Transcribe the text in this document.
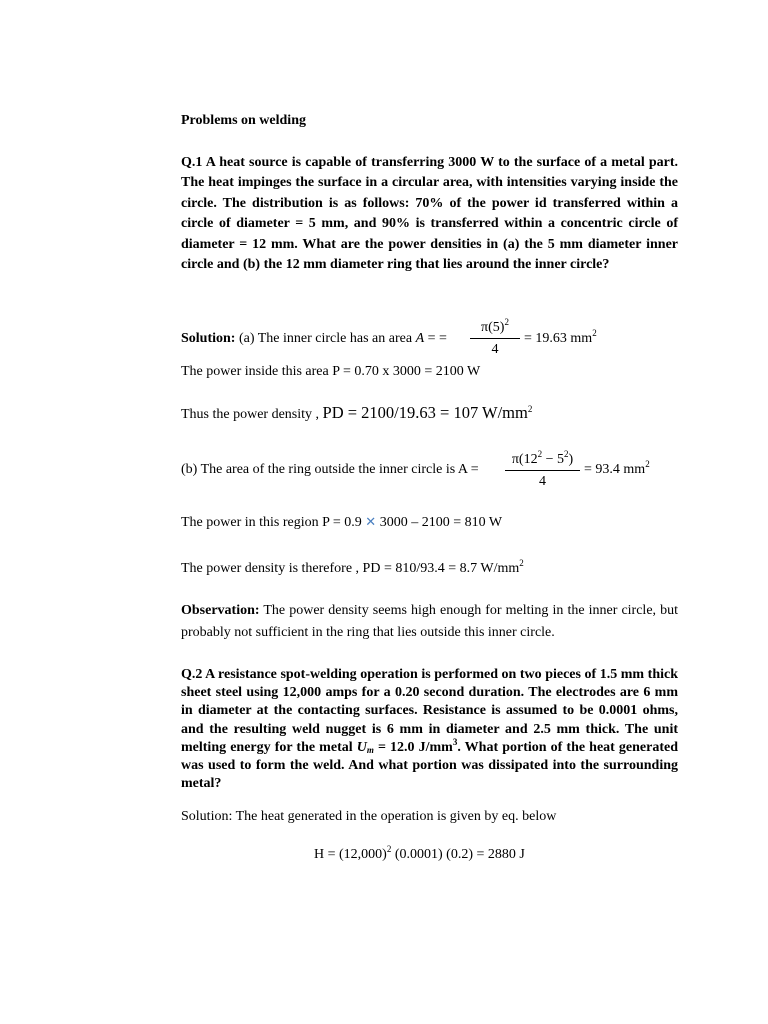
Problems on welding
Q.1 A heat source is capable of transferring 3000 W to the surface of a metal part. The heat impinges the surface in a circular area, with intensities varying inside the circle. The distribution is as follows: 70% of the power id transferred within a circle of diameter = 5 mm, and 90% is transferred within a concentric circle of diameter = 12 mm. What are the power densities in (a) the 5 mm diameter inner circle and (b) the 12 mm diameter ring that lies around the inner circle?
Solution: (a) The inner circle has an area A = = $\frac{\pi(5)^2}{4} = 19.63$ $mm^2$
The power inside this area P = 0.70 x 3000 = 2100 W
Thus the power density , PD = 2100/19.63 = 107 $W/mm^2$
(b) The area of the ring outside the inner circle is $A = \frac{\pi(12^2 - 5^2)}{4} = 93.4$ $mm^2$
The power in this region P = 0.9 ✕ 3000 – 2100 = 810 W
The power density is therefore , PD = 810/93.4 = 8.7 $W/mm^2$
Observation: The power density seems high enough for melting in the inner circle, but probably not sufficient in the ring that lies outside this inner circle.
Q.2 A resistance spot-welding operation is performed on two pieces of 1.5 mm thick sheet steel using 12,000 amps for a 0.20 second duration. The electrodes are 6 mm in diameter at the contacting surfaces. Resistance is assumed to be 0.0001 ohms, and the resulting weld nugget is 6 mm in diameter and 2.5 mm thick. The unit melting energy for the metal $U_m = 12.0$ $J/mm^3$. What portion of the heat generated was used to form the weld. And what portion was dissipated into the surrounding metal?
Solution: The heat generated in the operation is given by eq. below
$H = (12,000)^2$ (0.0001) (0.2) = 2880 J
